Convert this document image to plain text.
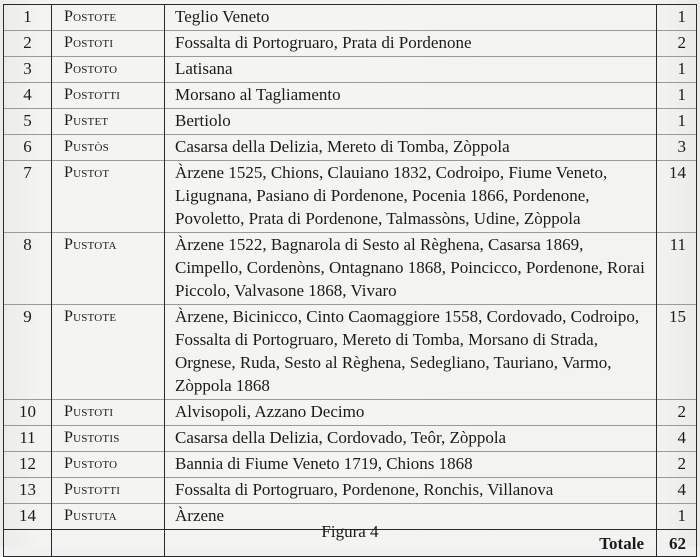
1	Postote	Teglio Veneto	1
2	Postoti	Fossalta di Portogruaro, Prata di Pordenone	2
3	Postoto	Latisana	1
4	Postotti	Morsano al Tagliamento	1
5	Pustet	Bertiolo	1
6	Pustòs	Casarsa della Delizia, Mereto di Tomba, Zòppola	3
7	Pustot	Àrzene 1525, Chions, Clauiano 1832, Codroipo, Fiume Veneto, Ligugnana, Pasiano di Pordenone, Pocenia 1866, Pordenone, Povoletto, Prata di Pordenone, Talmassòns, Udine, Zòppola	14
8	Pustota	Àrzene 1522, Bagnarola di Sesto al Règhena, Casarsa 1869, Cimpello, Cordenòns, Ontagnano 1868, Poincicco, Pordenone, Rorai Piccolo, Valvasone 1868, Vivaro	11
9	Pustote	Àrzene, Bicinicco, Cinto Caomaggiore 1558, Cordovado, Codroipo, Fossalta di Portogruaro, Mereto di Tomba, Morsano di Strada, Orgnese, Ruda, Sesto al Règhena, Sedegliano, Tauriano, Varmo, Zòppola 1868	15
10	Pustoti	Alvisopoli, Azzano Decimo	2
11	Pustotis	Casarsa della Delizia, Cordovado, Teôr, Zòppola	4
12	Pustoto	Bannia di Fiume Veneto 1719, Chions 1868	2
13	Pustotti	Fossalta di Portogruaro, Pordenone, Ronchis, Villanova	4
14	Pustuta	Àrzene	1
		Totale	62
Figura 4
